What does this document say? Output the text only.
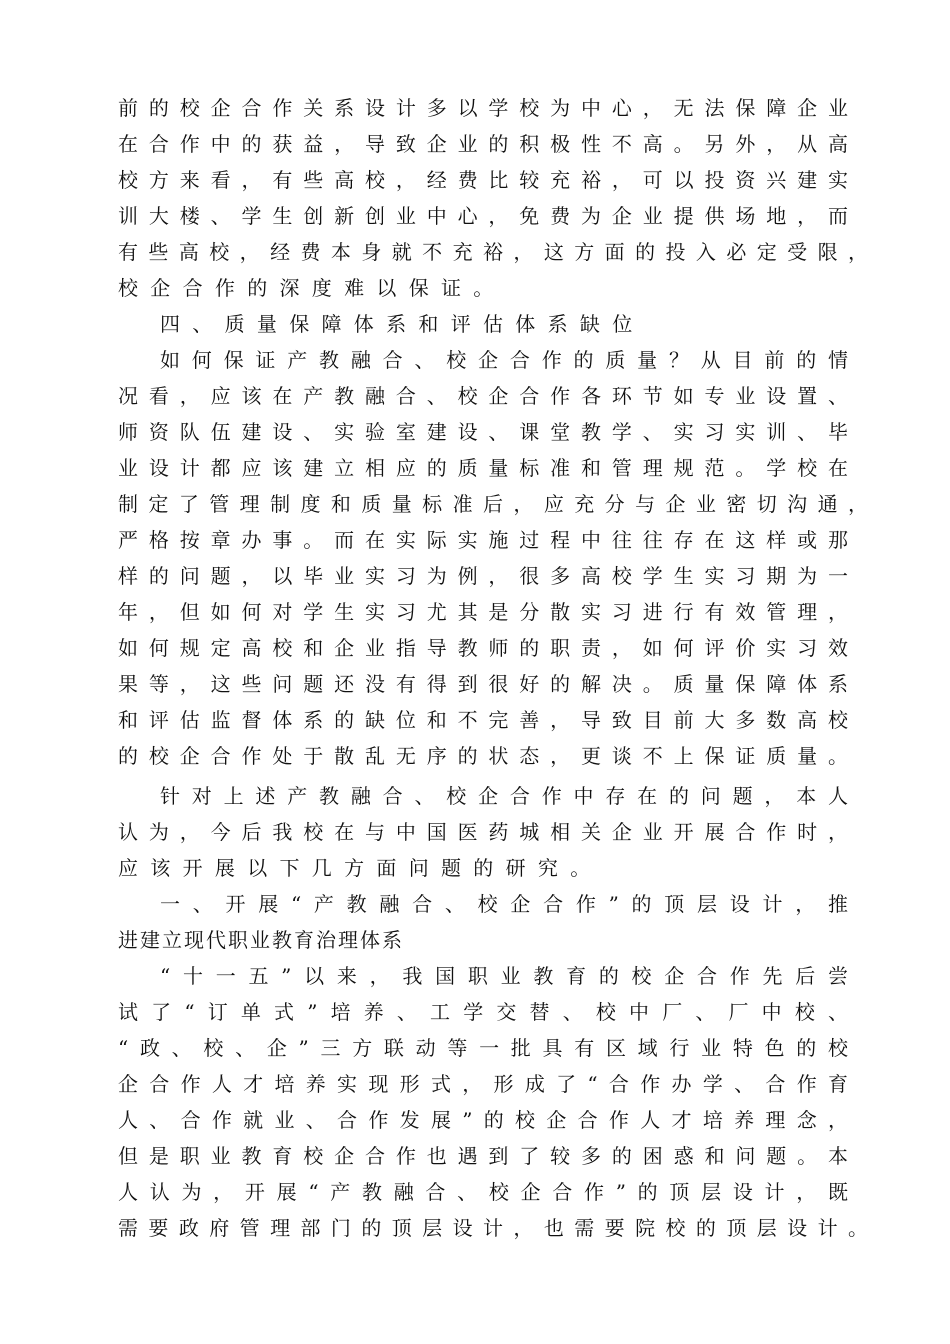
前的校企合作关系设计多以学校为中心，无法保障企业
在合作中的获益，导致企业的积极性不高。另外，从高
校方来看，有些高校，经费比较充裕，可以投资兴建实
训大楼、学生创新创业中心，免费为企业提供场地，而
有些高校，经费本身就不充裕，这方面的投入必定受限，
校企合作的深度难以保证。
四、质量保障体系和评估体系缺位
如何保证产教融合、校企合作的质量？从目前的情
况看，应该在产教融合、校企合作各环节如专业设置、
师资队伍建设、实验室建设、课堂教学、实习实训、毕
业设计都应该建立相应的质量标准和管理规范。学校在
制定了管理制度和质量标准后，应充分与企业密切沟通，
严格按章办事。而在实际实施过程中往往存在这样或那
样的问题，以毕业实习为例，很多高校学生实习期为一
年，但如何对学生实习尤其是分散实习进行有效管理，
如何规定高校和企业指导教师的职责，如何评价实习效
果等，这些问题还没有得到很好的解决。质量保障体系
和评估监督体系的缺位和不完善，导致目前大多数高校
的校企合作处于散乱无序的状态，更谈不上保证质量。
针对上述产教融合、校企合作中存在的问题，本人
认为，今后我校在与中国医药城相关企业开展合作时，
应该开展以下几方面问题的研究。
一、开展“产教融合、校企合作”的顶层设计，推
进建立现代职业教育治理体系
“十一五”以来，我国职业教育的校企合作先后尝
试了“订单式”培养、工学交替、校中厂、厂中校、
“政、校、企”三方联动等一批具有区域行业特色的校
企合作人才培养实现形式，形成了“合作办学、合作育
人、合作就业、合作发展”的校企合作人才培养理念，
但是职业教育校企合作也遇到了较多的困惑和问题。本
人认为，开展“产教融合、校企合作”的顶层设计，既
需要政府管理部门的顶层设计，也需要院校的顶层设计。
